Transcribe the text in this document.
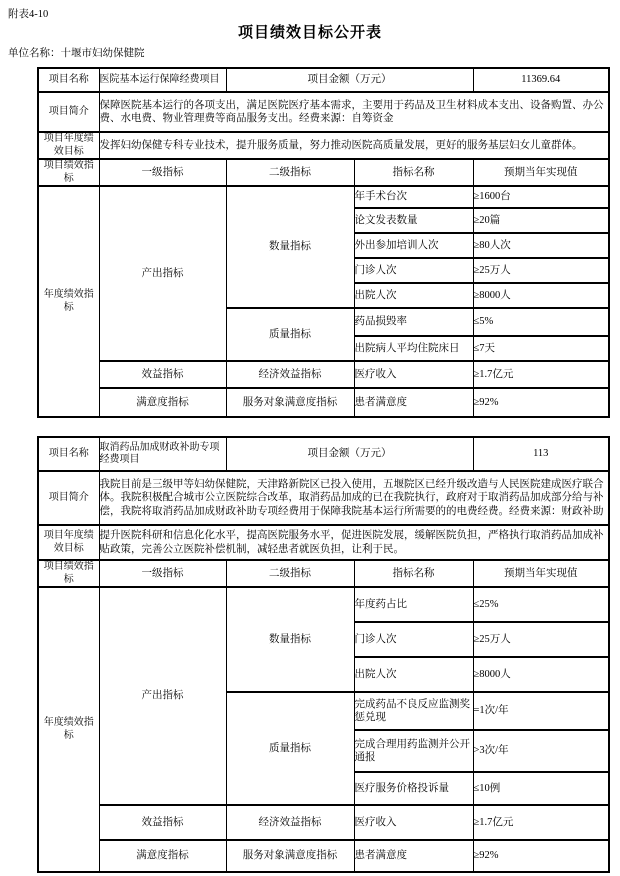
附表4-10
项目绩效目标公开表
单位名称：十堰市妇幼保健院
项目名称	医院基本运行保障经费项目	项目金额（万元）		11369.64
项目简介	保障医院基本运行的各项支出，满足医院医疗基本需求，主要用于药品及卫生材料成本支出、设备购置、办公费、水电费、物业管理费等商品服务支出。经费来源：自筹资金			
项目年度绩效目标	发挥妇幼保健专科专业技术，提升服务质量，努力推动医院高质量发展，更好的服务基层妇女儿童群体。			
项目绩效指标	一级指标	二级指标	指标名称	预期当年实现值
年度绩效指标	产出指标	数量指标	年手术台次	≥1600台
			论文发表数量	≥20篇
			外出参加培训人次	≥80人次
			门诊人次	≥25万人
			出院人次	≥8000人
		质量指标	药品损毁率	≤5%
			出院病人平均住院床日	≤7天
	效益指标	经济效益指标	医疗收入	≥1.7亿元
	满意度指标	服务对象满意度指标	患者满意度	≥92%
项目名称	取消药品加成财政补助专项经费项目	项目金额（万元）		113
项目简介	我院目前是三级甲等妇幼保健院，天津路新院区已投入使用，五堰院区已经升级改造与人民医院建成医疗联合体。我院积极配合城市公立医院综合改革，取消药品加成的已在我院执行，政府对于取消药品加成部分给与补偿，我院将取消药品加成财政补助专项经费用于保障我院基本运行所需要的的电费经费。经费来源：财政补助			
项目年度绩效目标	提升医院科研和信息化化水平，提高医院服务水平，促进医院发展，缓解医院负担，严格执行取消药品加成补贴政策，完善公立医院补偿机制，减轻患者就医负担，让利于民。			
项目绩效指标	一级指标	二级指标	指标名称	预期当年实现值
年度绩效指标	产出指标	数量指标	年度药占比	≤25%
			门诊人次	≥25万人
			出院人次	≥8000人
		质量指标	完成药品不良反应监测奖惩兑现	=1次/年
			完成合理用药监测并公开通报	>3次/年
			医疗服务价格投诉量	≤10例
	效益指标	经济效益指标	医疗收入	≥1.7亿元
	满意度指标	服务对象满意度指标	患者满意度	≥92%
